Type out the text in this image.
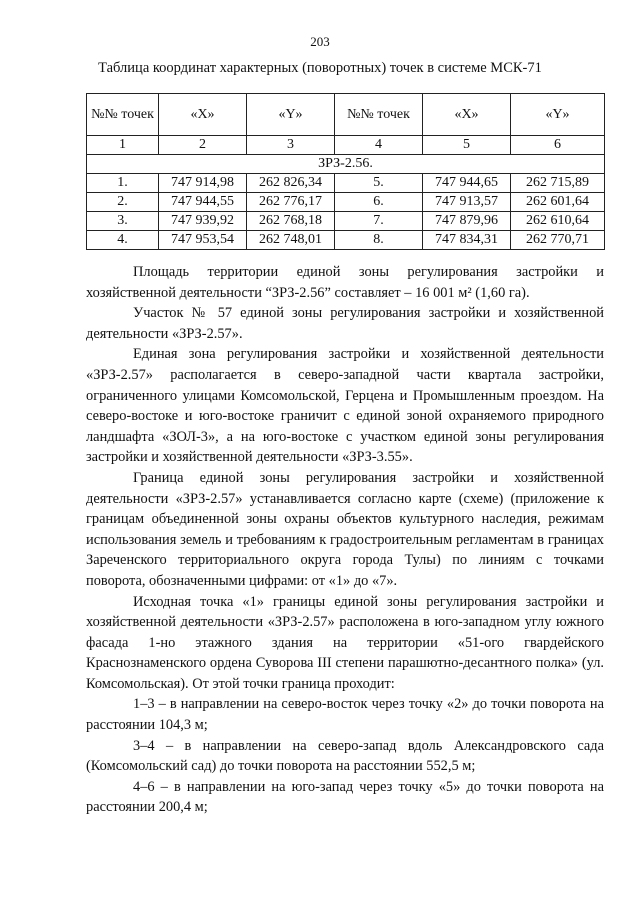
203
Таблица координат характерных (поворотных) точек в системе МСК-71
№№ точек	«X»	«Y»	№№ точек	«X»	«Y»
1	2	3	4	5	6
ЗРЗ-2.56.					
1.	747 914,98	262 826,34	5.	747 944,65	262 715,89
2.	747 944,55	262 776,17	6.	747 913,57	262 601,64
3.	747 939,92	262 768,18	7.	747 879,96	262 610,64
4.	747 953,54	262 748,01	8.	747 834,31	262 770,71

Площадь территории единой зоны регулирования застройки и хозяйственной деятельности “ЗРЗ-2.56” составляет – 16 001 м² (1,60 га).

Участок № 57 единой зоны регулирования застройки и хозяйственной деятельности «ЗРЗ-2.57».

Единая зона регулирования застройки и хозяйственной деятельности «ЗРЗ-2.57» располагается в северо-западной части квартала застройки, ограниченного улицами Комсомольской, Герцена и Промышленным проездом. На северо-востоке и юго-востоке граничит с единой зоной охраняемого природного ландшафта «ЗОЛ-3», а на юго-востоке с участком единой зоны регулирования застройки и хозяйственной деятельности «ЗРЗ-3.55».

Граница единой зоны регулирования застройки и хозяйственной деятельности «ЗРЗ-2.57» устанавливается согласно карте (схеме) (приложение к границам объединенной зоны охраны объектов культурного наследия, режимам использования земель и требованиям к градостроительным регламентам в границах Зареченского территориального округа города Тулы) по линиям с точками поворота, обозначенными цифрами: от «1» до «7».

Исходная точка «1» границы единой зоны регулирования застройки и хозяйственной деятельности «ЗРЗ-2.57» расположена в юго-западном углу южного фасада 1-но этажного здания на территории «51-ого гвардейского Краснознаменского ордена Суворова III степени парашютно-десантного полка» (ул. Комсомольская). От этой точки граница проходит:

1–3 – в направлении на северо-восток через точку «2» до точки поворота на расстоянии 104,3 м;

3–4 – в направлении на северо-запад вдоль Александровского сада (Комсомольский сад) до точки поворота на расстоянии 552,5 м;

4–6 – в направлении на юго-запад через точку «5» до точки поворота на расстоянии 200,4 м;
